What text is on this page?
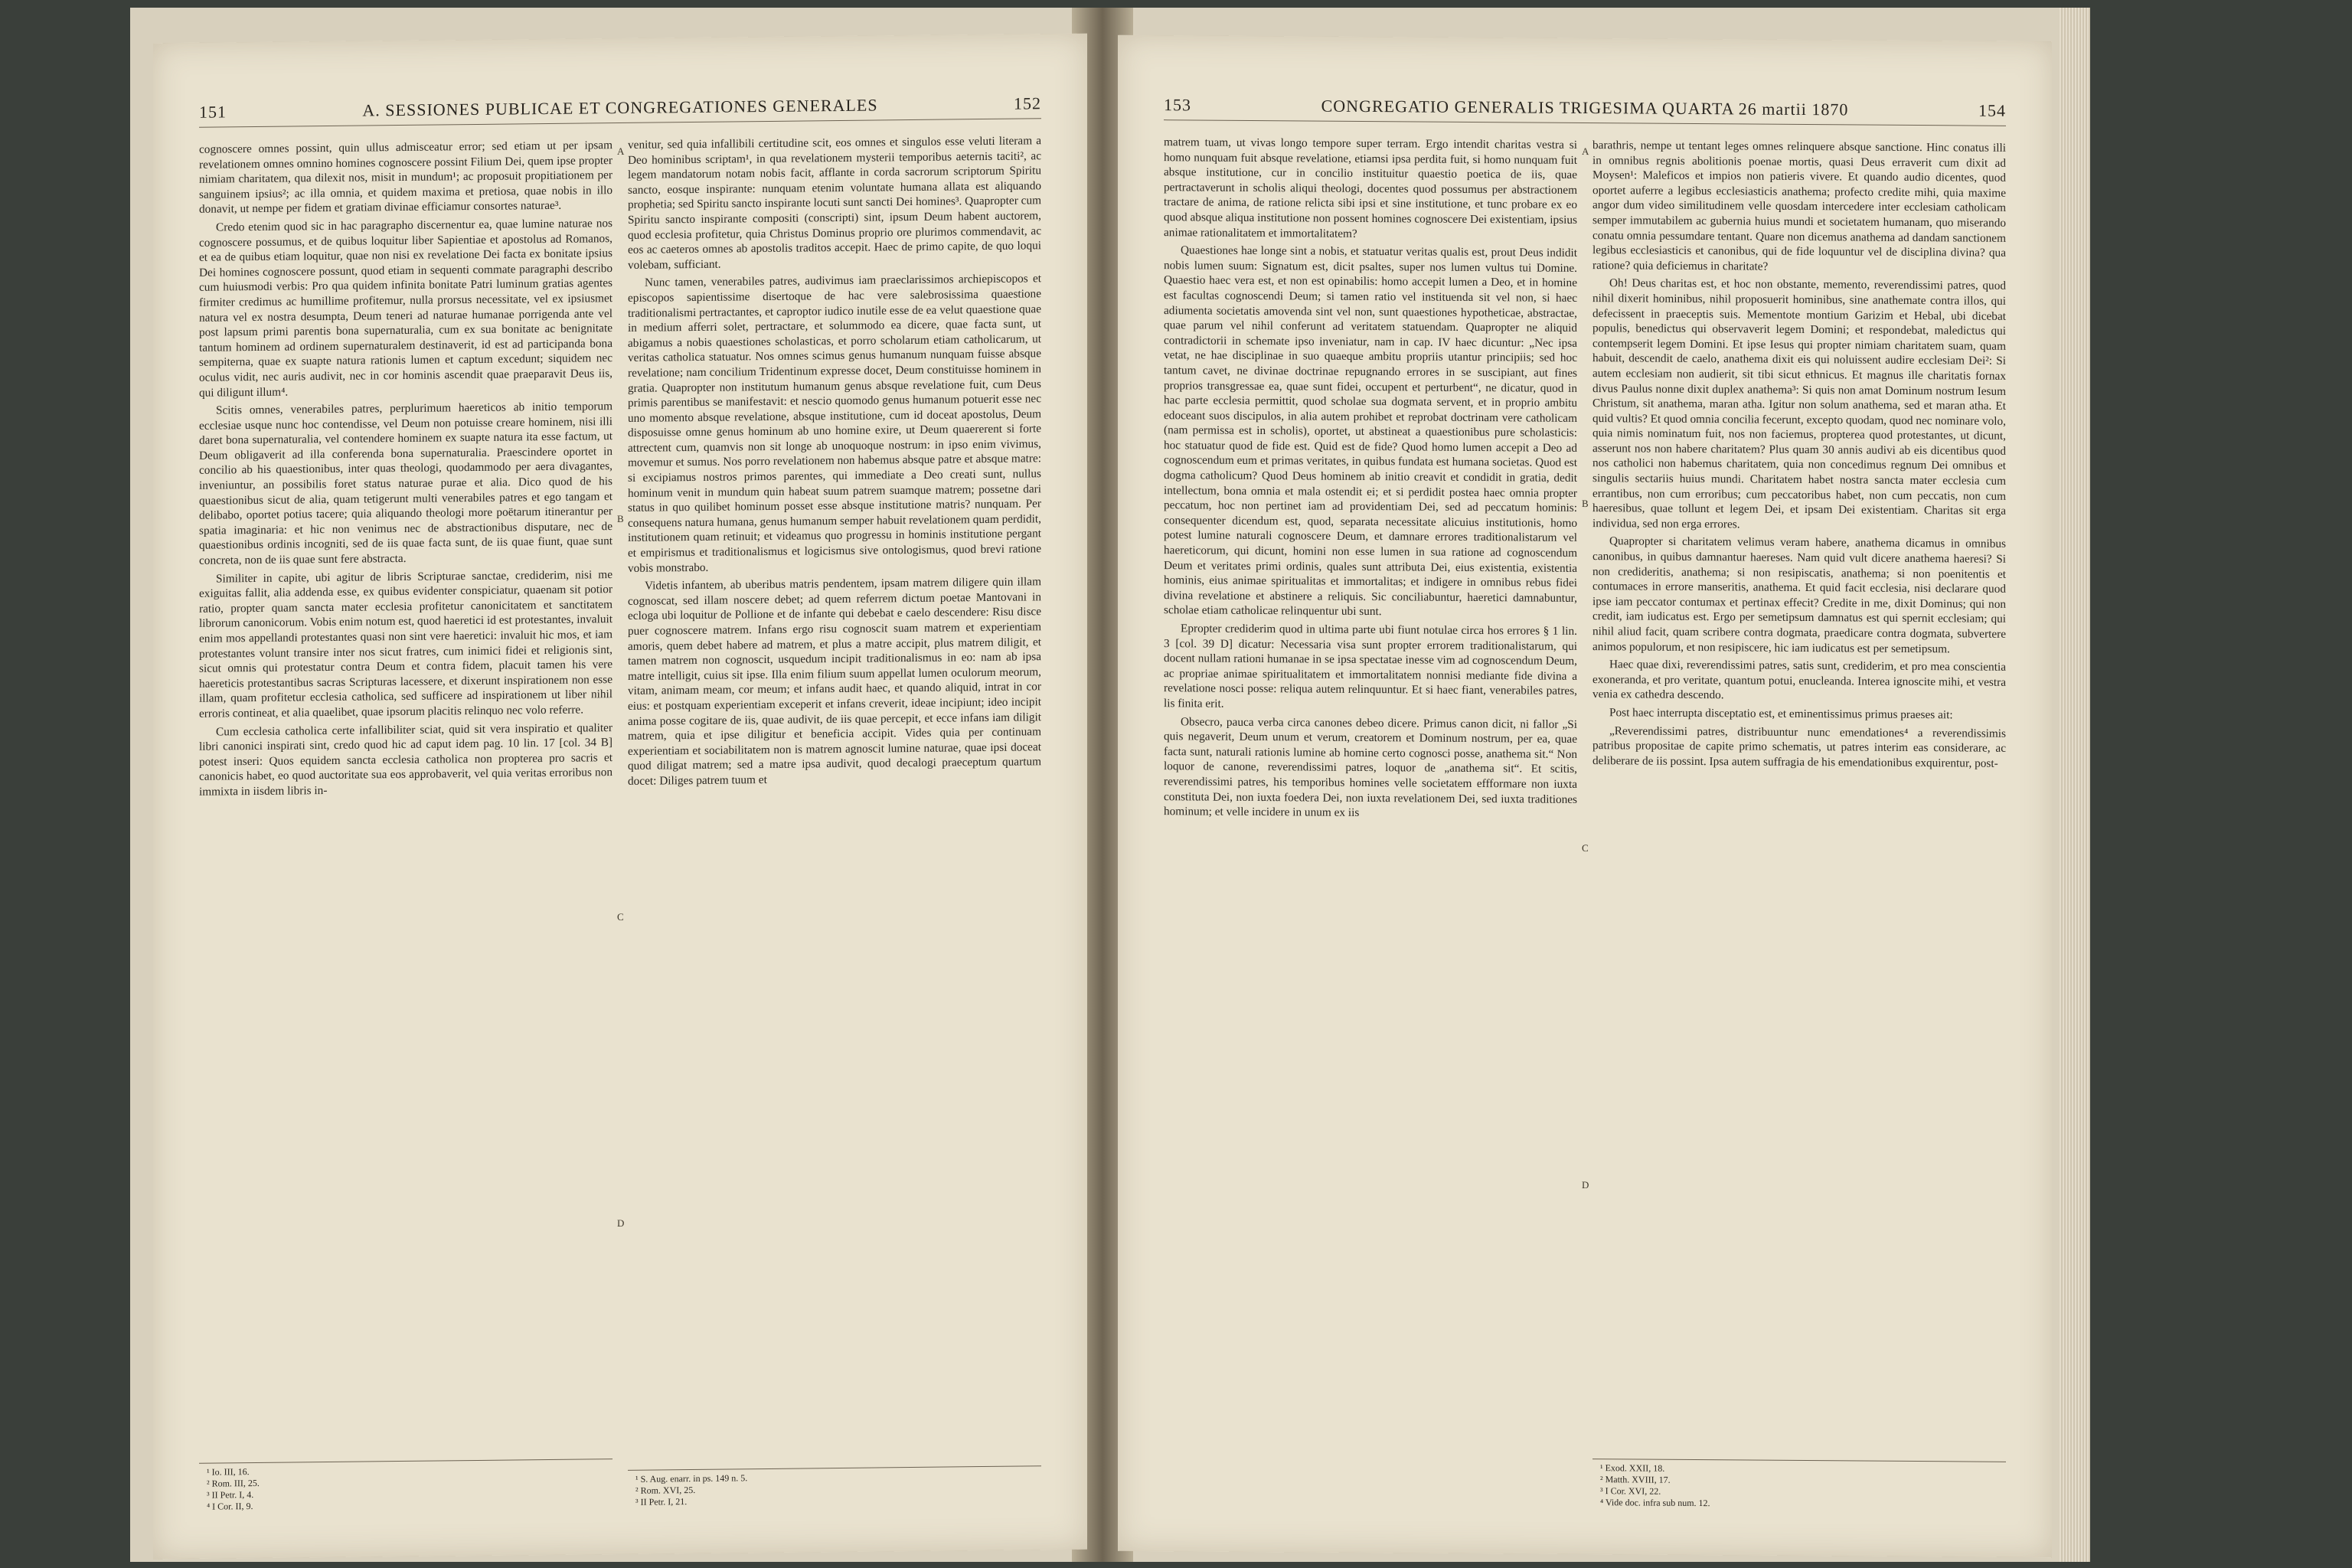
151	A. SESSIONES PUBLICAE ET CONGREGATIONES GENERALES	152

cognoscere omnes possint, quin ullus admisceatur error; sed etiam ut per ipsam revelationem omnes omnino homines cognoscere possint Filium Dei, quem ipse propter nimiam charitatem, qua dilexit nos, misit in mundum¹; ac proposuit propitiationem per sanguinem ipsius²; ac illa omnia, et quidem maxima et pretiosa, quae nobis in illo donavit, ut nempe per fidem et gratiam divinae efficiamur consortes naturae³.

Credo etenim quod sic in hac paragrapho discernentur ea, quae lumine naturae nos cognoscere possumus, et de quibus loquitur liber Sapientiae et apostolus ad Romanos, et ea de quibus etiam loquitur, quae non nisi ex revelatione Dei facta ex bonitate ipsius Dei homines cognoscere possunt, quod etiam in sequenti commate paragraphi describo cum huiusmodi verbis: Pro qua quidem infinita bonitate Patri luminum gratias agentes firmiter credimus ac humillime profitemur, nulla prorsus necessitate, vel ex ipsiusmet natura vel ex nostra desumpta, Deum teneri ad naturae humanae porrigenda ante vel post lapsum primi parentis bona supernaturalia, cum ex sua bonitate ac benignitate tantum hominem ad ordinem supernaturalem destinaverit, id est ad participanda bona sempiterna, quae ex suapte natura rationis lumen et captum excedunt; siquidem nec oculus vidit, nec auris audivit, nec in cor hominis ascendit quae praeparavit Deus iis, qui diligunt illum⁴.

Scitis omnes, venerabiles patres, perplurimum haereticos ab initio temporum ecclesiae usque nunc hoc contendisse, vel Deum non potuisse creare hominem, nisi illi daret bona supernaturalia, vel contendere hominem ex suapte natura ita esse factum, ut Deum obligaverit ad illa conferenda bona supernaturalia. Praescindere oportet in concilio ab his quaestionibus, inter quas theologi, quodammodo per aera divagantes, inveniuntur, an possibilis foret status naturae purae et alia. Dico quod de his quaestionibus sicut de alia, quam tetigerunt multi venerabiles patres et ego tangam et delibabo, oportet potius tacere; quia aliquando theologi more poëtarum itinerantur per spatia imaginaria: et hic non venimus nec de abstractionibus disputare, nec de quaestionibus ordinis incogniti, sed de iis quae facta sunt, de iis quae fiunt, quae sunt concreta, non de iis quae sunt fere abstracta.

Similiter in capite, ubi agitur de libris Scripturae sanctae, crediderim, nisi me exiguitas fallit, alia addenda esse, ex quibus evidenter conspiciatur, quaenam sit potior ratio, propter quam sancta mater ecclesia profitetur canonicitatem et sanctitatem librorum canonicorum. Vobis enim notum est, quod haeretici id est protestantes, invaluit enim mos appellandi protestantes quasi non sint vere haeretici: invaluit hic mos, et iam protestantes volunt transire inter nos sicut fratres, cum inimici fidei et religionis sint, sicut omnis qui protestatur contra Deum et contra fidem, placuit tamen his vere haereticis protestantibus sacras Scripturas lacessere, et dixerunt inspirationem non esse illam, quam profitetur ecclesia catholica, sed sufficere ad inspirationem ut liber nihil erroris contineat, et alia quaelibet, quae ipsorum placitis relinquo nec volo referre.

Cum ecclesia catholica certe infallibiliter sciat, quid sit vera inspiratio et qualiter libri canonici inspirati sint, credo quod hic ad caput idem pag. 10 lin. 17 [col. 34 B] potest inseri: Quos equidem sancta ecclesia catholica non propterea pro sacris et canonicis habet, eo quod auctoritate sua eos approbaverit, vel quia veritas erroribus non immixta in iisdem libris in-

¹ Io. III, 16.
² Rom. III, 25.
³ II Petr. I, 4.
⁴ I Cor. II, 9.

venitur, sed quia infallibili certitudine scit, eos omnes et singulos esse veluti literam a Deo hominibus scriptam¹, in qua revelationem mysterii temporibus aeternis taciti², ac legem mandatorum notam nobis facit, afflante in corda sacrorum scriptorum Spiritu sancto, eosque inspirante: nunquam etenim voluntate humana allata est aliquando prophetia; sed Spiritu sancto inspirante locuti sunt sancti Dei homines³. Quapropter cum Spiritu sancto inspirante compositi (conscripti) sint, ipsum Deum habent auctorem, quod ecclesia profitetur, quia Christus Dominus proprio ore plurimos commendavit, ac eos ac caeteros omnes ab apostolis traditos accepit. Haec de primo capite, de quo loqui volebam, sufficiant.

Nunc tamen, venerabiles patres, audivimus iam praeclarissimos archiepiscopos et episcopos sapientissime disertoque de hac vere salebrosissima quaestione traditionalismi pertractantes, et caproptor iudico inutile esse de ea velut quaestione quae in medium afferri solet, pertractare, et solummodo ea dicere, quae facta sunt, ut abigamus a nobis quaestiones scholasticas, et porro scholarum etiam catholicarum, ut veritas catholica statuatur. Nos omnes scimus genus humanum nunquam fuisse absque revelatione; nam concilium Tridentinum expresse docet, Deum constituisse hominem in gratia. Quapropter non institutum humanum genus absque revelatione fuit, cum Deus primis parentibus se manifestavit: et nescio quomodo genus humanum potuerit esse nec uno momento absque revelatione, absque institutione, cum id doceat apostolus, Deum disposuisse omne genus hominum ab uno homine exire, ut Deum quaererent si forte attrectent cum, quamvis non sit longe ab unoquoque nostrum: in ipso enim vivimus, movemur et sumus. Nos porro revelationem non habemus absque patre et absque matre: si excipiamus nostros primos parentes, qui immediate a Deo creati sunt, nullus hominum venit in mundum quin habeat suum patrem suamque matrem; possetne dari status in quo quilibet hominum posset esse absque institutione matris? nunquam. Per consequens natura humana, genus humanum semper habuit revelationem quam perdidit, institutionem quam retinuit; et videamus quo progressu in hominis institutione pergant et empirismus et traditionalismus et logicismus sive ontologismus, quod brevi ratione vobis monstrabo.

Videtis infantem, ab uberibus matris pendentem, ipsam matrem diligere quin illam cognoscat, sed illam noscere debet; ad quem referrem dictum poetae Mantovani in ecloga ubi loquitur de Pollione et de infante qui debebat e caelo descendere: Risu disce puer cognoscere matrem. Infans ergo risu cognoscit suam matrem et experientiam amoris, quem debet habere ad matrem, et plus a matre accipit, plus matrem diligit, et tamen matrem non cognoscit, usquedum incipit traditionalismus in eo: nam ab ipsa matre intelligit, cuius sit ipse. Illa enim filium suum appellat lumen oculorum meorum, vitam, animam meam, cor meum; et infans audit haec, et quando aliquid, intrat in cor eius: et postquam experientiam exceperit et infans creverit, ideae incipiunt; ideo incipit anima posse cogitare de iis, quae audivit, de iis quae percepit, et ecce infans iam diligit matrem, quia et ipse diligitur et beneficia accipit. Vides quia per continuam experientiam et sociabilitatem non is matrem agnoscit lumine naturae, quae ipsi doceat quod diligat matrem; sed a matre ipsa audivit, quod decalogi praeceptum quartum docet: Diliges patrem tuum et

¹ S. Aug. enarr. in ps. 149 n. 5.
² Rom. XVI, 25.
³ II Petr. I, 21.
A
B
C
D
153	CONGREGATIO GENERALIS TRIGESIMA QUARTA 26 martii 1870	154

matrem tuam, ut vivas longo tempore super terram. Ergo intendit charitas vestra si homo nunquam fuit absque revelatione, etiamsi ipsa perdita fuit, si homo nunquam fuit absque institutione, cur in concilio instituitur quaestio poetica de iis, quae pertractaverunt in scholis aliqui theologi, docentes quod possumus per abstractionem tractare de anima, de ratione relicta sibi ipsi et sine institutione, et tunc probare ex eo quod absque aliqua institutione non possent homines cognoscere Dei existentiam, ipsius animae rationalitatem et immortalitatem?

Quaestiones hae longe sint a nobis, et statuatur veritas qualis est, prout Deus indidit nobis lumen suum: Signatum est, dicit psaltes, super nos lumen vultus tui Domine. Quaestio haec vera est, et non est opinabilis: homo accepit lumen a Deo, et in homine est facultas cognoscendi Deum; si tamen ratio vel instituenda sit vel non, si haec adiumenta societatis amovenda sint vel non, sunt quaestiones hypotheticae, abstractae, quae parum vel nihil conferunt ad veritatem statuendam. Quapropter ne aliquid contradictorii in schemate ipso inveniatur, nam in cap. IV haec dicuntur: „Nec ipsa vetat, ne hae disciplinae in suo quaeque ambitu propriis utantur principiis; sed hoc tantum cavet, ne divinae doctrinae repugnando errores in se suscipiant, aut fines proprios transgressae ea, quae sunt fidei, occupent et perturbent“, ne dicatur, quod in hac parte ecclesia permittit, quod scholae sua dogmata servent, et in proprio ambitu edoceant suos discipulos, in alia autem prohibet et reprobat doctrinam vere catholicam (nam permissa est in scholis), oportet, ut abstineat a quaestionibus pure scholasticis: hoc statuatur quod de fide est. Quid est de fide? Quod homo lumen accepit a Deo ad cognoscendum eum et primas veritates, in quibus fundata est humana societas. Quod est dogma catholicum? Quod Deus hominem ab initio creavit et condidit in gratia, dedit intellectum, bona omnia et mala ostendit ei; et si perdidit postea haec omnia propter peccatum, hoc non pertinet iam ad providentiam Dei, sed ad peccatum hominis: consequenter dicendum est, quod, separata necessitate alicuius institutionis, homo potest lumine naturali cognoscere Deum, et damnare errores traditionalistarum vel haereticorum, qui dicunt, homini non esse lumen in sua ratione ad cognoscendum Deum et veritates primi ordinis, quales sunt attributa Dei, eius existentia, existentia hominis, eius animae spiritualitas et immortalitas; et indigere in omnibus rebus fidei divina revelatione et abstinere a reliquis. Sic conciliabuntur, haeretici damnabuntur, scholae etiam catholicae relinquentur ubi sunt.

Epropter crediderim quod in ultima parte ubi fiunt notulae circa hos errores § 1 lin. 3 [col. 39 D] dicatur: Necessaria visa sunt propter errorem traditionalistarum, qui docent nullam rationi humanae in se ipsa spectatae inesse vim ad cognoscendum Deum, ac propriae animae spiritualitatem et immortalitatem nonnisi mediante fide divina a revelatione nosci posse: reliqua autem relinquuntur. Et si haec fiant, venerabiles patres, lis finita erit.

Obsecro, pauca verba circa canones debeo dicere. Primus canon dicit, ni fallor „Si quis negaverit, Deum unum et verum, creatorem et Dominum nostrum, per ea, quae facta sunt, naturali rationis lumine ab homine certo cognosci posse, anathema sit.“ Non loquor de canone, reverendissimi patres, loquor de „anathema sit“. Et scitis, reverendissimi patres, his temporibus homines velle societatem effformare non iuxta constituta Dei, non iuxta foedera Dei, non iuxta revelationem Dei, sed iuxta traditiones hominum; et velle incidere in unum ex iis

barathris, nempe ut tentant leges omnes relinquere absque sanctione. Hinc conatus illi in omnibus regnis abolitionis poenae mortis, quasi Deus erraverit cum dixit ad Moysen¹: Maleficos et impios non patieris vivere. Et quando audio dicentes, quod oportet auferre a legibus ecclesiasticis anathema; profecto credite mihi, quia maxime angor dum video similitudinem velle quosdam intercedere inter ecclesiam catholicam semper immutabilem ac gubernia huius mundi et societatem humanam, quo miserando conatu omnia pessumdare tentant. Quare non dicemus anathema ad dandam sanctionem legibus ecclesiasticis et canonibus, qui de fide loquuntur vel de disciplina divina? qua ratione? quia deficiemus in charitate?

Oh! Deus charitas est, et hoc non obstante, memento, reverendissimi patres, quod nihil dixerit hominibus, nihil proposuerit hominibus, sine anathemate contra illos, qui defecissent in praeceptis suis. Mementote montium Garizim et Hebal, ubi dicebat populis, benedictus qui observaverit legem Domini; et respondebat, maledictus qui contempserit legem Domini. Et ipse Iesus qui propter nimiam charitatem suam, quam habuit, descendit de caelo, anathema dixit eis qui noluissent audire ecclesiam Dei²: Si autem ecclesiam non audierit, sit tibi sicut ethnicus. Et magnus ille charitatis fornax divus Paulus nonne dixit duplex anathema³: Si quis non amat Dominum nostrum Iesum Christum, sit anathema, maran atha. Igitur non solum anathema, sed et maran atha. Et quid vultis? Et quod omnia concilia fecerunt, excepto quodam, quod nec nominare volo, quia nimis nominatum fuit, nos non faciemus, propterea quod protestantes, ut dicunt, asserunt nos non habere charitatem? Plus quam 30 annis audivi ab eis dicentibus quod nos catholici non habemus charitatem, quia non concedimus regnum Dei omnibus et singulis sectariis huius mundi. Charitatem habet nostra sancta mater ecclesia cum errantibus, non cum erroribus; cum peccatoribus habet, non cum peccatis, non cum haeresibus, quae tollunt et legem Dei, et ipsam Dei existentiam. Charitas sit erga individua, sed non erga errores.

Quapropter si charitatem velimus veram habere, anathema dicamus in omnibus canonibus, in quibus damnantur haereses. Nam quid vult dicere anathema haeresi? Si non credideritis, anathema; si non resipiscatis, anathema; si non poenitentis et contumaces in errore manseritis, anathema. Et quid facit ecclesia, nisi declarare quod ipse iam peccator contumax et pertinax effecit? Credite in me, dixit Dominus; qui non credit, iam iudicatus est. Ergo per semetipsum damnatus est qui spernit ecclesiam; qui nihil aliud facit, quam scribere contra dogmata, praedicare contra dogmata, subvertere animos populorum, et non resipiscere, hic iam iudicatus est per semetipsum.

Haec quae dixi, reverendissimi patres, satis sunt, crediderim, et pro mea conscientia exoneranda, et pro veritate, quantum potui, enucleanda. Interea ignoscite mihi, et vestra venia ex cathedra descendo.

Post haec interrupta disceptatio est, et eminentissimus primus praeses ait:

„Reverendissimi patres, distribuuntur nunc emendationes⁴ a reverendissimis patribus propositae de capite primo schematis, ut patres interim eas considerare, ac deliberare de iis possint. Ipsa autem suffragia de his emendationibus exquirentur, post-

¹ Exod. XXII, 18.
² Matth. XVIII, 17.
³ I Cor. XVI, 22.
⁴ Vide doc. infra sub num. 12.
A
B
C
D
